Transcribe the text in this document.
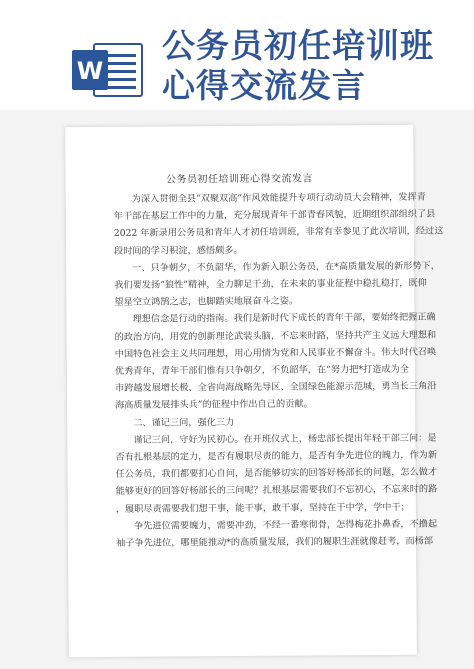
W
公务员初任培训班
心得交流发言
公务员初任培训班心得交流发言
为深入贯彻全县“双聚双高”作风效能提升专项行动动员大会精神，发挥青
年干部在基层工作中的力量，充分展现青年干部青春风貌，近期组织部组织了县
2022 年新录用公务员和青年人才初任培训班，非常有幸参见了此次培训，经过这
段时间的学习积淀，感悟颇多。
一、只争朝夕，不负韶华，作为新入职公务员，在*高质量发展的新形势下，
我们要发扬“狼性”精神，全力聊足干劲，在未来的事业征程中稳扎稳打，既仰
望星空立鸿鹄之志，也脚踏实地展奋斗之姿。
理想信念是行动的指南。我们是新时代下成长的青年干部，要始终把握正确
的政治方向，用党的创新理论武装头脑，不忘来时路，坚持共产主义远大理想和
中国特色社会主义共同理想，用心用情为党和人民事业不懈奋斗。伟大时代召唤
优秀青年，青年干部们惟有只争朝夕，不负韶华，在“努力把*打造成为全
市跨越发展增长极、全省向海战略先导区、全国绿色能源示范城，勇当长三角沿
海高质量发展排头兵”的征程中作出自己的贡献。
二、谨记三问，强化三力
谨记三问，守好为民初心。在开班仪式上，杨忠部长提出年轻干部三问：是
否有扎根基层的定力，是否有履职尽责的能力，是否有争先进位的魄力，作为新
任公务员，我们都要扪心自问，是否能够切实的回答好杨部长的问题，怎么做才
能够更好的回答好杨部长的三问呢？扎根基层需要我们不忘初心，不忘来时的路
，履职尽责需要我们想干事，能干事，敢干事，坚持在干中学，学中干；
争先进位需要魄力，需要冲劲，不经一番寒彻骨，怎得梅花扑鼻香，不撸起
袖子争先进位，哪里能推动*的高质量发展，我们的履职生涯就像赶考，而杨部
